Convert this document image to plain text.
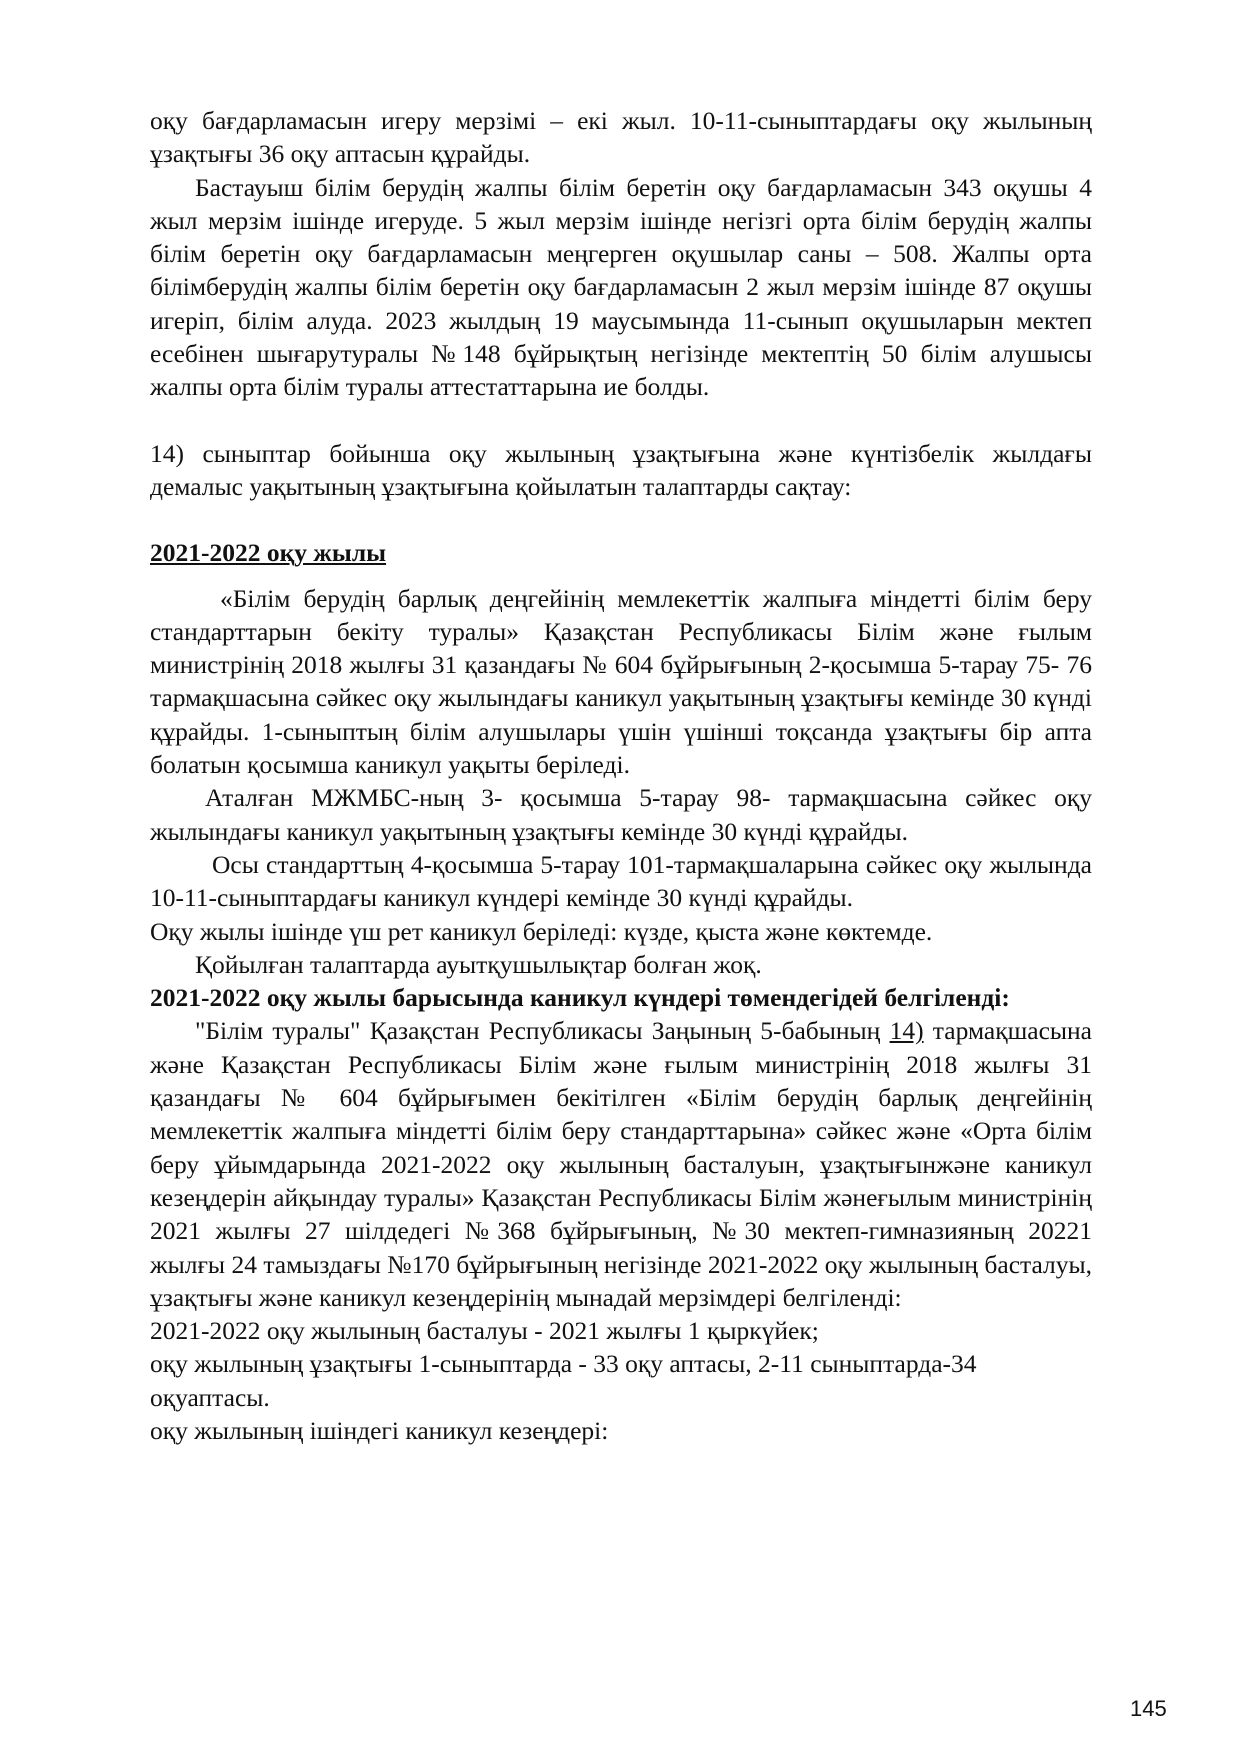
оқу бағдарламасын игеру мерзімі – екі жыл. 10-11-сыныптардағы оқу жылының ұзақтығы 36 оқу аптасын құрайды.

Бастауыш білім берудің жалпы білім беретін оқу бағдарламасын 343 оқушы 4 жыл мерзім ішінде игеруде. 5 жыл мерзім ішінде негізгі орта білім берудің жалпы білім беретін оқу бағдарламасын меңгерген оқушылар саны – 508. Жалпы орта білімберудің жалпы білім беретін оқу бағдарламасын 2 жыл мерзім ішінде 87 оқушы игеріп, білім алуда. 2023 жылдың 19 маусымында 11-сынып оқушыларын мектеп есебінен шығарутуралы №148 бұйрықтың негізінде мектептің 50 білім алушысы жалпы орта білім туралы аттестаттарына ие болды.

14) сыныптар бойынша оқу жылының ұзақтығына және күнтізбелік жылдағы демалыс уақытының ұзақтығына қойылатын талаптарды сақтау:

2021-2022 оқу жылы

«Білім берудің барлық деңгейінің мемлекеттік жалпыға міндетті білім беру стандарттарын бекіту туралы» Қазақстан Республикасы Білім және ғылым министрінің 2018 жылғы 31 қазандағы № 604 бұйрығының 2-қосымша 5-тарау 75- 76 тармақшасына сәйкес оқу жылындағы каникул уақытының ұзақтығы кемінде 30 күнді құрайды. 1-сыныптың білім алушылары үшін үшінші тоқсанда ұзақтығы бір апта болатын қосымша каникул уақыты беріледі.

Аталған МЖМБС-ның 3- қосымша 5-тарау 98- тармақшасына сәйкес оқу жылындағы каникул уақытының ұзақтығы кемінде 30 күнді құрайды.

Осы стандарттың 4-қосымша 5-тарау 101-тармақшаларына сәйкес оқу жылында 10-11-сыныптардағы каникул күндері кемінде 30 күнді құрайды.

Оқу жылы ішінде үш рет каникул беріледі: күзде, қыста және көктемде.

Қойылған талаптарда ауытқушылықтар болған жоқ.

2021-2022 оқу жылы барысында каникул күндері төмендегідей белгіленді:

"Білім туралы" Қазақстан Республикасы Заңының 5-бабының 14) тармақшасына және Қазақстан Республикасы Білім және ғылым министрінің 2018 жылғы 31 қазандағы № 604 бұйрығымен бекітілген «Білім берудің барлық деңгейінің мемлекеттік жалпыға міндетті білім беру стандарттарына» сәйкес және «Орта білім беру ұйымдарында 2021-2022 оқу жылының басталуын, ұзақтығынжәне каникул кезеңдерін айқындау туралы» Қазақстан Республикасы Білім жәнеғылым министрінің 2021 жылғы 27 шілдедегі №368 бұйрығының, №30 мектеп-гимназияның 20221 жылғы 24 тамыздағы №170 бұйрығының негізінде 2021-2022 оқу жылының басталуы, ұзақтығы және каникул кезеңдерінің мынадай мерзімдері белгіленді:

2021-2022 оқу жылының басталуы - 2021 жылғы 1 қыркүйек;

оқу жылының ұзақтығы 1-сыныптарда - 33 оқу аптасы, 2-11 сыныптарда-34 оқуаптасы.

оқу жылының ішіндегі каникул кезеңдері:

145
